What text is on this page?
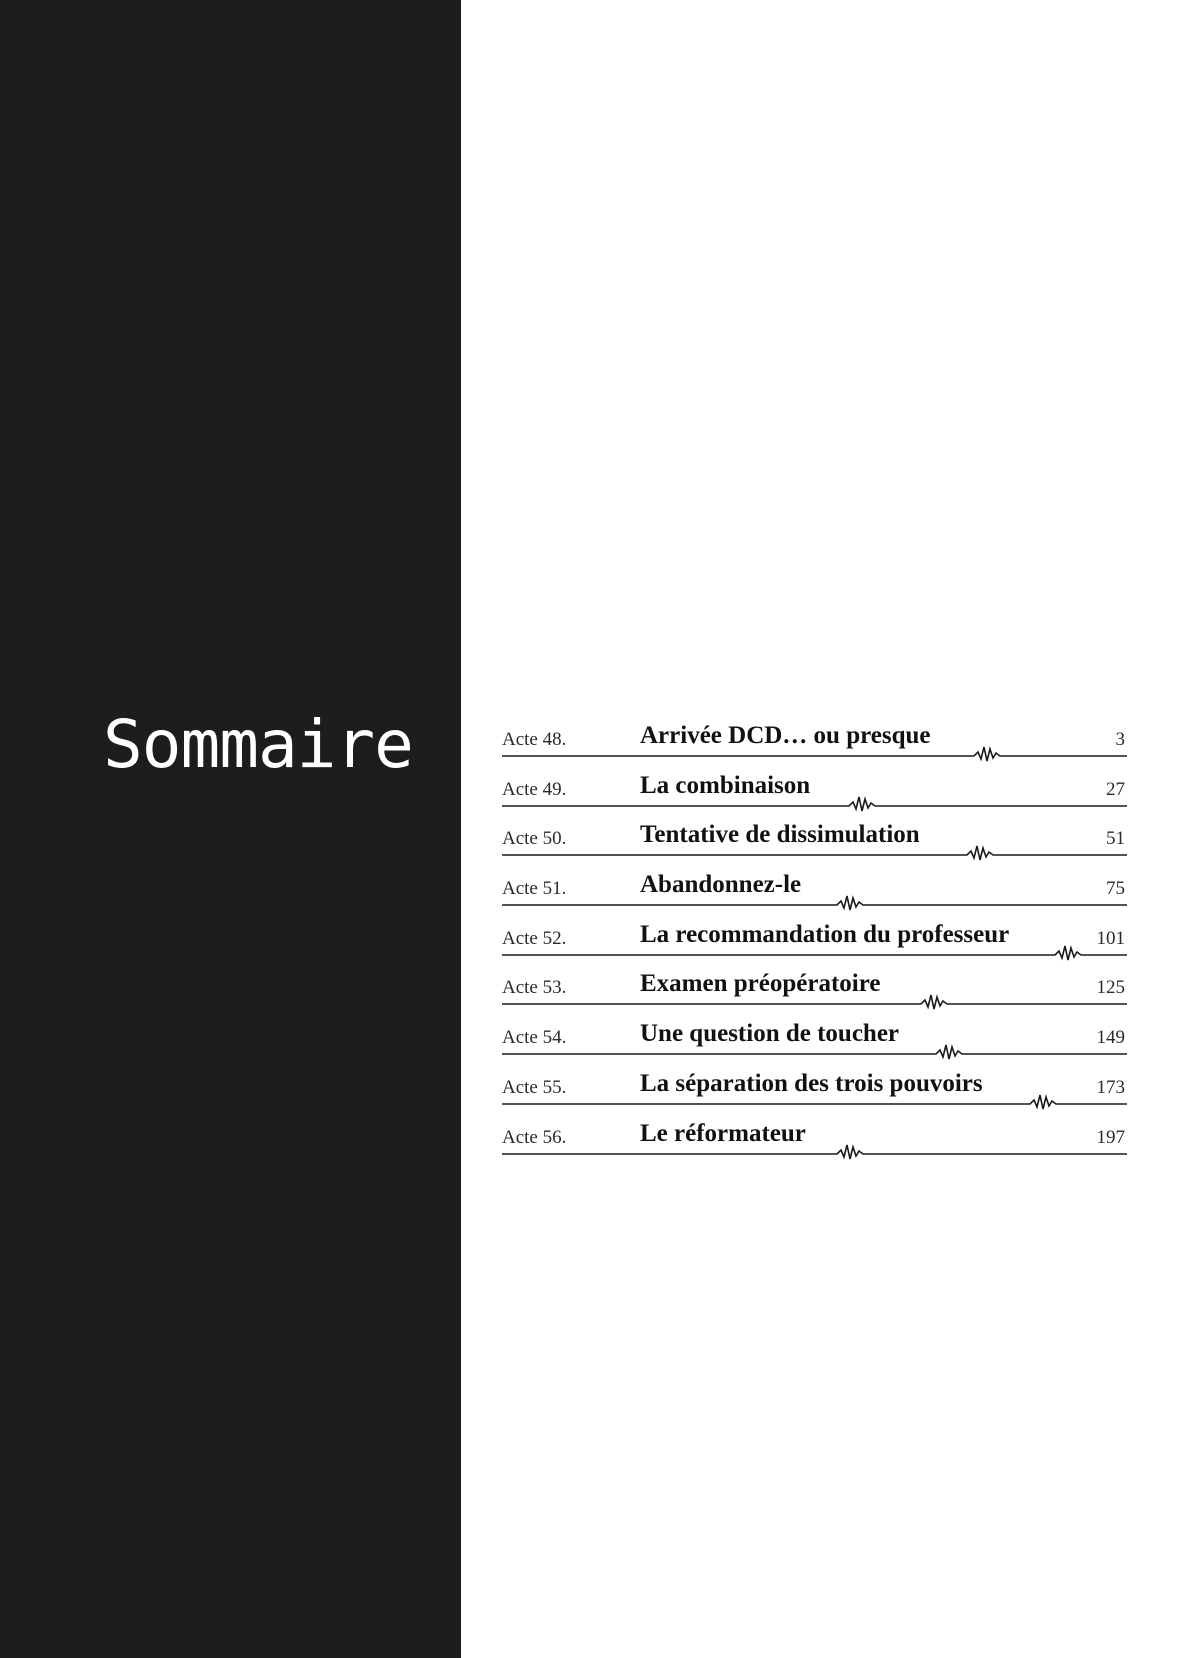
Sommaire	Acte 48.	Arrivée DCD… ou presque	3
Acte 49.	La combinaison	27
Acte 50.	Tentative de dissimulation	51
Acte 51.	Abandonnez-le	75
Acte 52.	La recommandation du professeur	101
Acte 53.	Examen préopératoire	125
Acte 54.	Une question de toucher	149
Acte 55.	La séparation des trois pouvoirs	173
Acte 56.	Le réformateur	197
